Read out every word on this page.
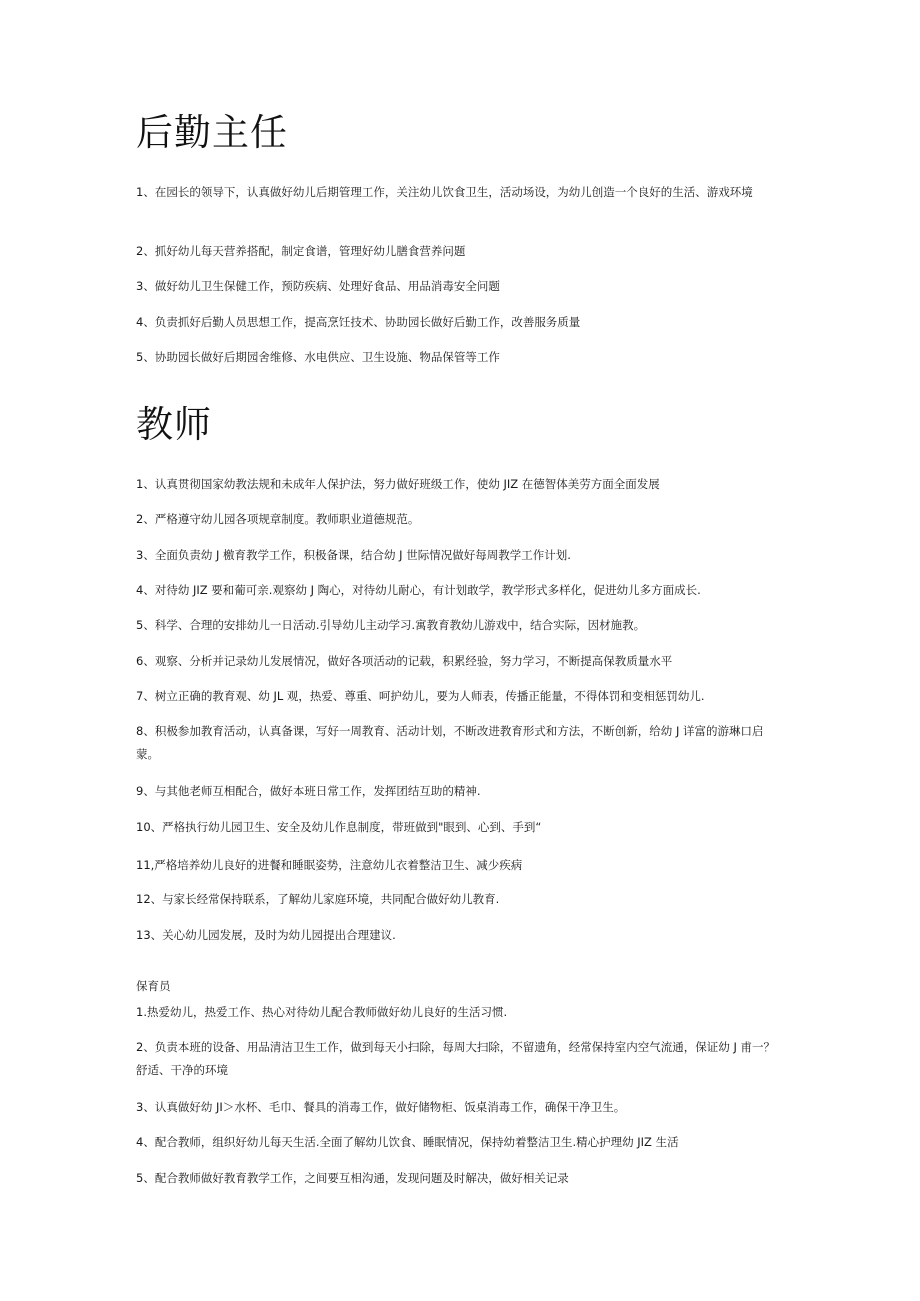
后勤主任

1、在园长的领导下，认真做好幼儿后期管理工作，关注幼儿饮食卫生，活动场设，为幼儿创造一个良好的生活、游戏环境

2、抓好幼儿每天营养搭配，制定食谱，管理好幼儿膳食营养问题

3、做好幼儿卫生保健工作，预防疾病、处理好食品、用品消毒安全问题

4、负责抓好后勤人员思想工作，提高烹饪技术、协助园长做好后勤工作，改善服务质量

5、协助园长做好后期园舍维修、水电供应、卫生设施、物品保管等工作

教师

1、认真贯彻国家幼教法规和未成年人保护法，努力做好班级工作，使幼 JIZ 在德智体美劳方面全面发展

2、严格遵守幼儿园各项规章制度。教师职业道德规范。

3、全面负责幼 J 檄育教学工作，积极备课，结合幼 J 世际情况做好每周教学工作计划.

4、对待幼 JIZ 要和葡可亲.观察幼 J 陶心，对待幼儿耐心，有计划敢学，教学形式多样化，促进幼儿多方面成长.

5、科学、合理的安排幼儿一日活动.引导幼儿主动学习.寓教育教幼儿游戏中，结合实际，因材施教。

6、观察、分析并记录幼儿发展情况，做好各项活动的记载，积累经验，努力学习，不断提高保教质量水平

7、树立正确的教育观、幼 JL 观，热爱、尊重、呵护幼儿，要为人师表，传播正能量，不得体罚和变相惩罚幼儿.

8、积极参加教育活动，认真备课，写好一周教育、活动计划，不断改进教育形式和方法，不断创新，给幼 J 详富的游琳口启蒙。

9、与其他老师互相配合，做好本班日常工作，发挥团结互助的精神.

10、严格执行幼儿园卫生、安全及幼儿作息制度，带班做到"眼到、心到、手到“

11,严格培养幼儿良好的进餐和睡眠姿势，注意幼儿衣着整洁卫生、减少疾病

12、与家长经常保持联系，了解幼儿家庭环境，共同配合做好幼儿教育.

13、关心幼儿园发展，及时为幼儿园提出合理建议.

保育员

1.热爱幼儿，热爱工作、热心对待幼儿配合教师做好幼儿良好的生活习惯.

2、负责本班的设备、用品清洁卫生工作，做到每天小扫除，每周大扫除，不留遗角，经常保持室内空气流通，保证幼 J 甫一？舒适、干净的环境

3、认真做好幼 JI＞水杯、毛巾、餐具的消毒工作，做好储物柜、饭桌消毒工作，确保干净卫生。

4、配合教师，组织好幼儿每天生活.全面了解幼儿饮食、睡眠情况，保持幼着整洁卫生.精心护理幼 JIZ 生活

5、配合教师做好教育教学工作，之间要互相沟通，发现问题及时解决，做好相关记录
